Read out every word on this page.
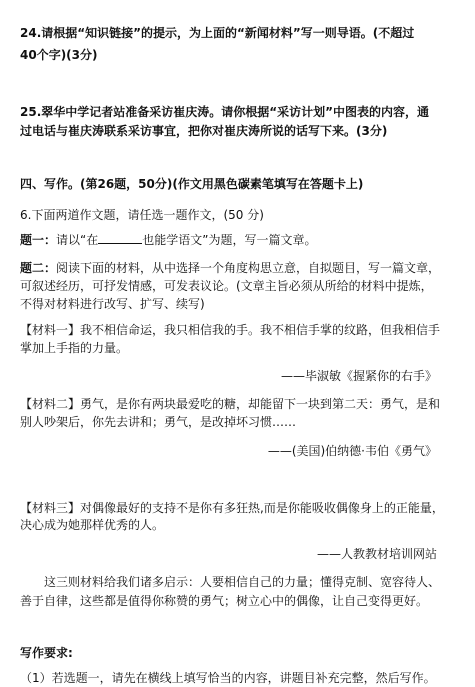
24.请根据“知识链接”的提示，为上面的“新闻材料”写一则导语。(不超过
40个字)(3分)
25.翠华中学记者站准备采访崔庆涛。请你根据“采访计划”中图表的内容，通
过电话与崔庆涛联系采访事宜，把你对崔庆涛所说的话写下来。(3分)
四、写作。(第26题，50分)(作文用黑色碳素笔填写在答题卡上)
6.下面两道作文题，请任选一题作文，(50 分)
题一：请以“在	也能学语文”为题，写一篇文章。
题二：阅读下面的材料，从中选择一个角度构思立意，自拟题目，写一篇文章，
可叙述经历，可抒发情感，可发表议论。(文章主旨必须从所给的材料中提炼，
不得对材料进行改写、扩写、续写)
【材料一】我不相信命运，我只相信我的手。我不相信手掌的纹路，但我相信手
掌加上手指的力量。
——毕淑敏《握紧你的右手》
【材料二】勇气，是你有两块最爱吃的糖，却能留下一块到第二天：勇气，是和
别人吵架后，你先去讲和；勇气，是改掉坏习惯……
——(美国)伯纳德·韦伯《勇气》
【材料三】对偶像最好的支持不是你有多狂热,而是你能吸收偶像身上的正能量，
决心成为她那样优秀的人。
——人教教材培训网站
这三则材料给我们诸多启示：人要相信自己的力量；懂得克制、宽容待人、
善于自律，这些都是值得你称赞的勇气；树立心中的偶像，让自己变得更好。
写作要求:
（1）若选题一，请先在横线上填写恰当的内容，讲题目补充完整，然后写作。
